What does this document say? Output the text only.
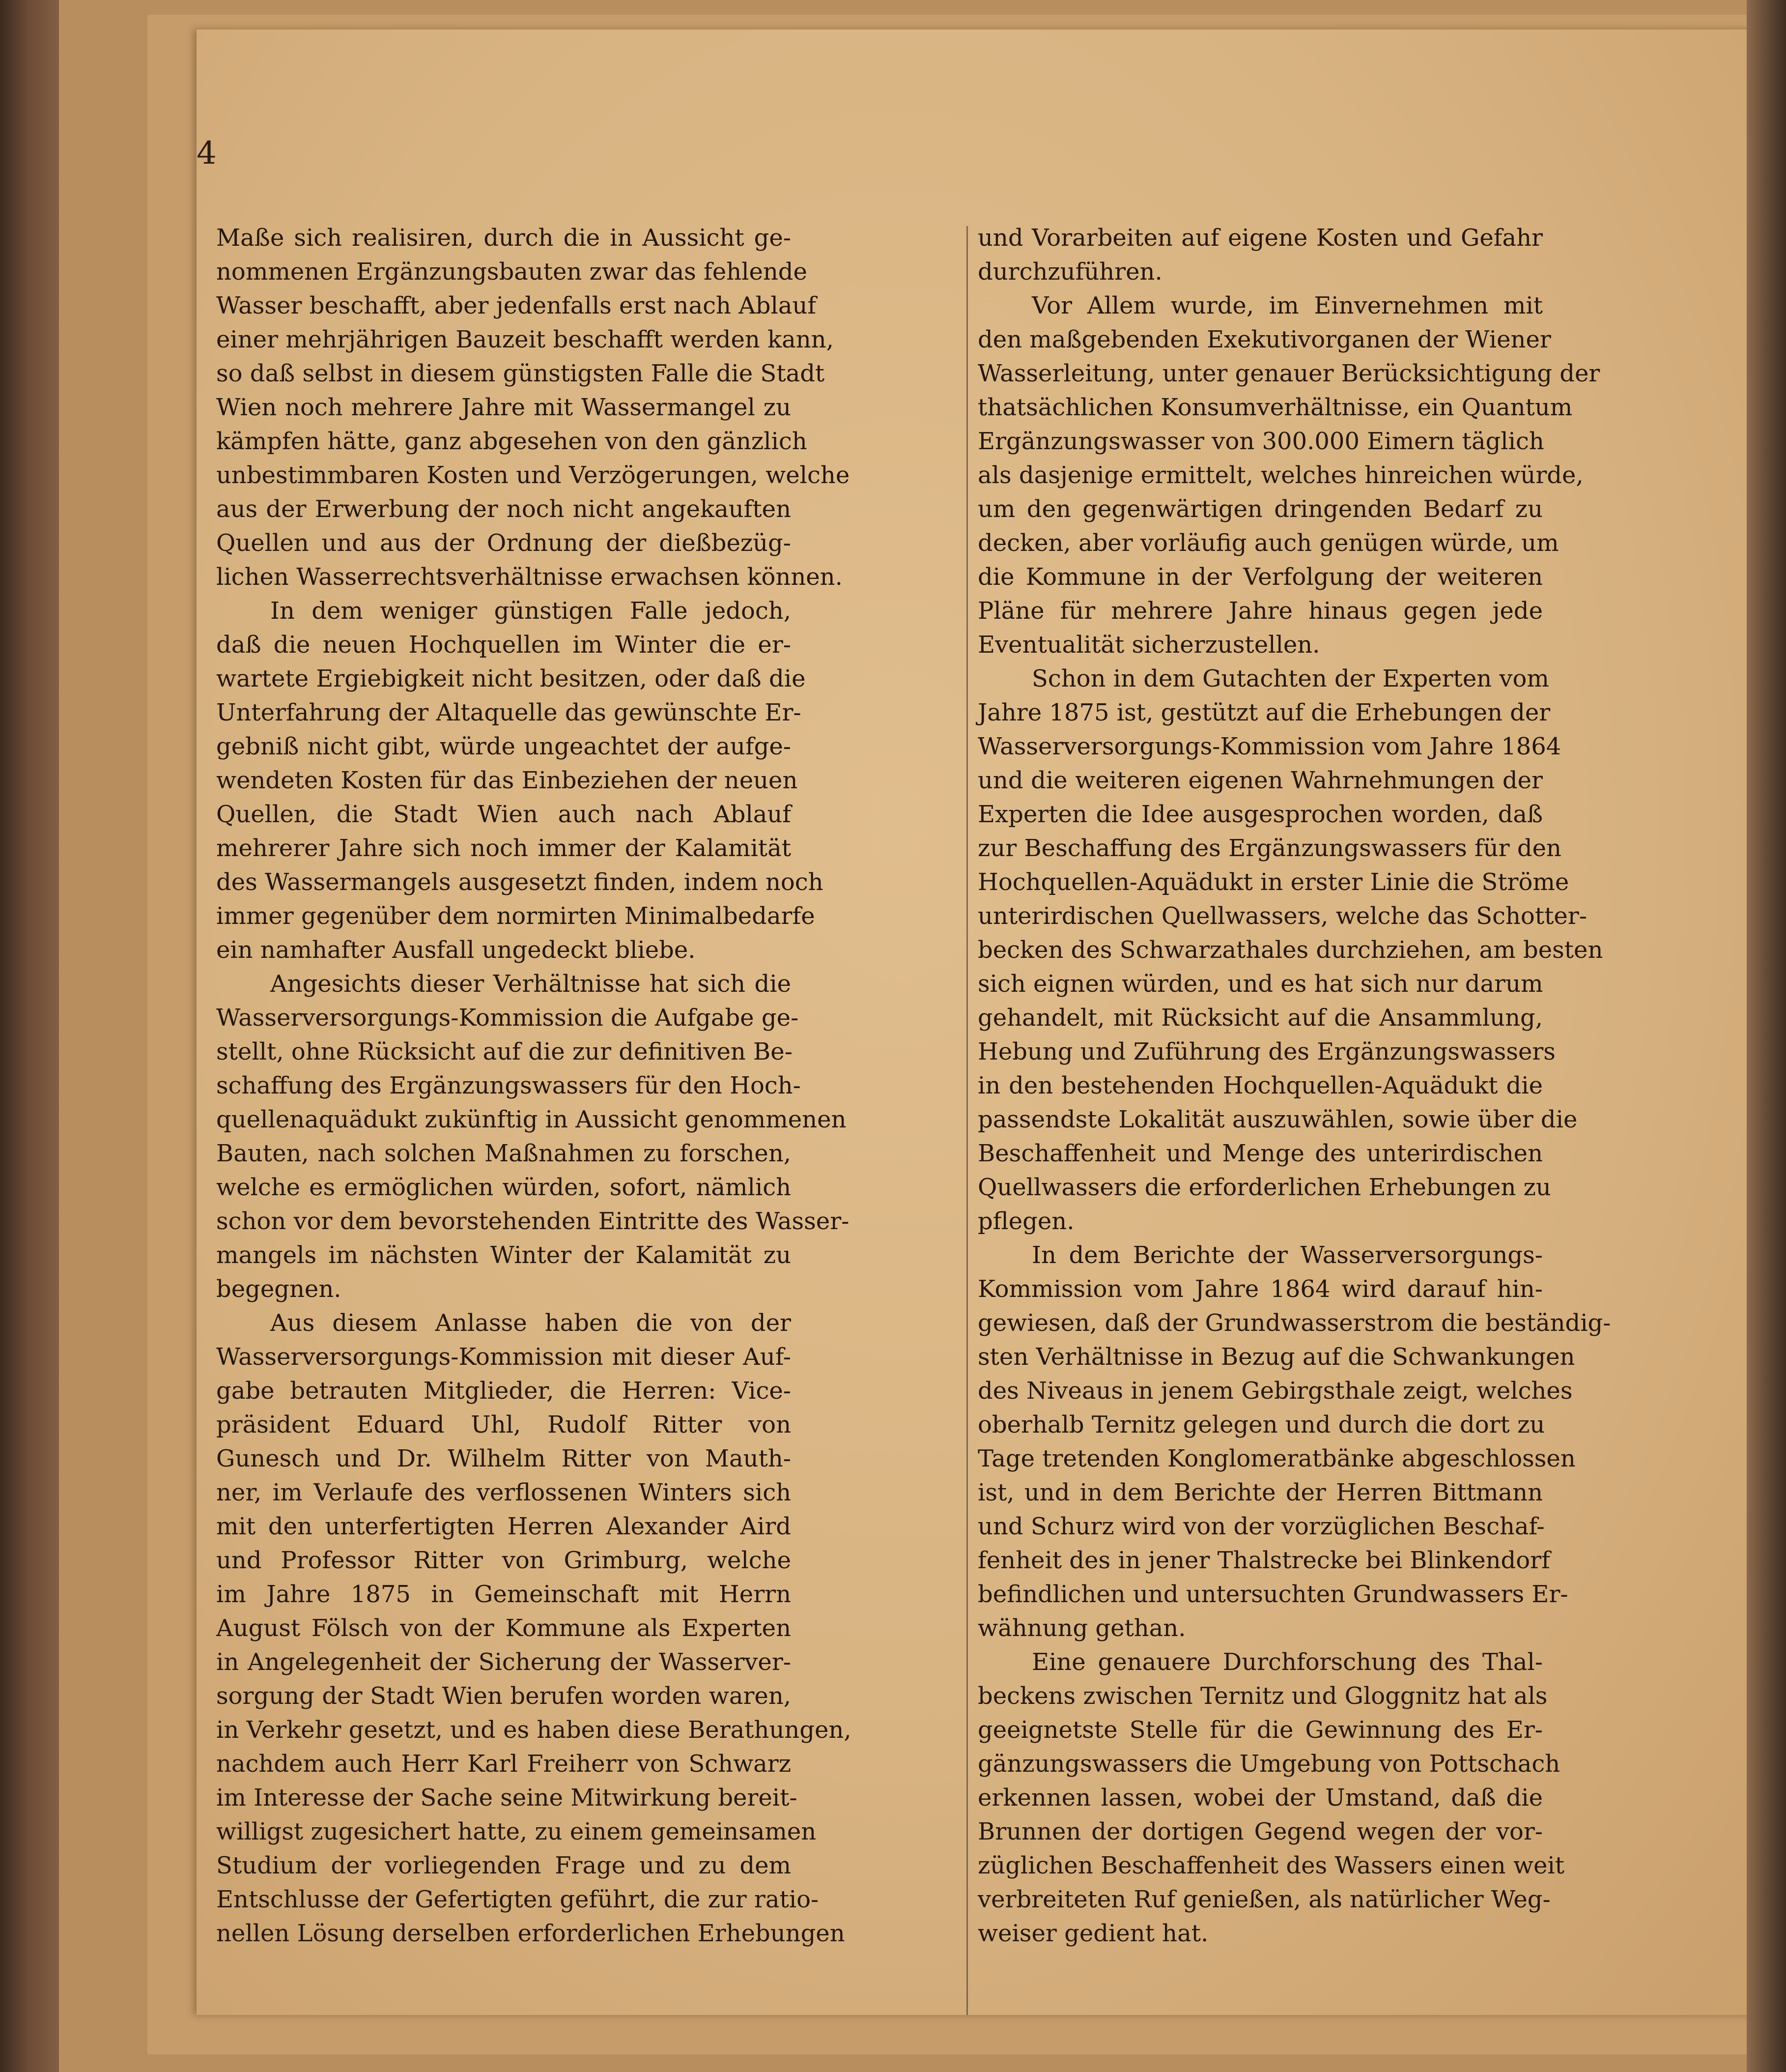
4
Maße sich realisiren, durch die in Aussicht ge-
nommenen Ergänzungsbauten zwar das fehlende
Wasser beschafft, aber jedenfalls erst nach Ablauf
einer mehrjährigen Bauzeit beschafft werden kann,
so daß selbst in diesem günstigsten Falle die Stadt
Wien noch mehrere Jahre mit Wassermangel zu
kämpfen hätte, ganz abgesehen von den gänzlich
unbestimmbaren Kosten und Verzögerungen, welche
aus der Erwerbung der noch nicht angekauften
Quellen und aus der Ordnung der dießbezüg-
lichen Wasserrechtsverhältnisse erwachsen können.
In dem weniger günstigen Falle jedoch,
daß die neuen Hochquellen im Winter die er-
wartete Ergiebigkeit nicht besitzen, oder daß die
Unterfahrung der Altaquelle das gewünschte Er-
gebniß nicht gibt, würde ungeachtet der aufge-
wendeten Kosten für das Einbeziehen der neuen
Quellen, die Stadt Wien auch nach Ablauf
mehrerer Jahre sich noch immer der Kalamität
des Wassermangels ausgesetzt finden, indem noch
immer gegenüber dem normirten Minimalbedarfe
ein namhafter Ausfall ungedeckt bliebe.
Angesichts dieser Verhältnisse hat sich die
Wasserversorgungs-Kommission die Aufgabe ge-
stellt, ohne Rücksicht auf die zur definitiven Be-
schaffung des Ergänzungswassers für den Hoch-
quellenaquädukt zukünftig in Aussicht genommenen
Bauten, nach solchen Maßnahmen zu forschen,
welche es ermöglichen würden, sofort, nämlich
schon vor dem bevorstehenden Eintritte des Wasser-
mangels im nächsten Winter der Kalamität zu
begegnen.
Aus diesem Anlasse haben die von der
Wasserversorgungs-Kommission mit dieser Auf-
gabe betrauten Mitglieder, die Herren: Vice-
präsident Eduard Uhl, Rudolf Ritter von
Gunesch und Dr. Wilhelm Ritter von Mauth-
ner, im Verlaufe des verflossenen Winters sich
mit den unterfertigten Herren Alexander Aird
und Professor Ritter von Grimburg, welche
im Jahre 1875 in Gemeinschaft mit Herrn
August Fölsch von der Kommune als Experten
in Angelegenheit der Sicherung der Wasserver-
sorgung der Stadt Wien berufen worden waren,
in Verkehr gesetzt, und es haben diese Berathungen,
nachdem auch Herr Karl Freiherr von Schwarz
im Interesse der Sache seine Mitwirkung bereit-
willigst zugesichert hatte, zu einem gemeinsamen
Studium der vorliegenden Frage und zu dem
Entschlusse der Gefertigten geführt, die zur ratio-
nellen Lösung derselben erforderlichen Erhebungen
und Vorarbeiten auf eigene Kosten und Gefahr
durchzuführen.
Vor Allem wurde, im Einvernehmen mit
den maßgebenden Exekutivorganen der Wiener
Wasserleitung, unter genauer Berücksichtigung der
thatsächlichen Konsumverhältnisse, ein Quantum
Ergänzungswasser von 300.000 Eimern täglich
als dasjenige ermittelt, welches hinreichen würde,
um den gegenwärtigen dringenden Bedarf zu
decken, aber vorläufig auch genügen würde, um
die Kommune in der Verfolgung der weiteren
Pläne für mehrere Jahre hinaus gegen jede
Eventualität sicherzustellen.
Schon in dem Gutachten der Experten vom
Jahre 1875 ist, gestützt auf die Erhebungen der
Wasserversorgungs-Kommission vom Jahre 1864
und die weiteren eigenen Wahrnehmungen der
Experten die Idee ausgesprochen worden, daß
zur Beschaffung des Ergänzungswassers für den
Hochquellen-Aquädukt in erster Linie die Ströme
unterirdischen Quellwassers, welche das Schotter-
becken des Schwarzathales durchziehen, am besten
sich eignen würden, und es hat sich nur darum
gehandelt, mit Rücksicht auf die Ansammlung,
Hebung und Zuführung des Ergänzungswassers
in den bestehenden Hochquellen-Aquädukt die
passendste Lokalität auszuwählen, sowie über die
Beschaffenheit und Menge des unterirdischen
Quellwassers die erforderlichen Erhebungen zu
pflegen.
In dem Berichte der Wasserversorgungs-
Kommission vom Jahre 1864 wird darauf hin-
gewiesen, daß der Grundwasserstrom die beständig-
sten Verhältnisse in Bezug auf die Schwankungen
des Niveaus in jenem Gebirgsthale zeigt, welches
oberhalb Ternitz gelegen und durch die dort zu
Tage tretenden Konglomeratbänke abgeschlossen
ist, und in dem Berichte der Herren Bittmann
und Schurz wird von der vorzüglichen Beschaf-
fenheit des in jener Thalstrecke bei Blinkendorf
befindlichen und untersuchten Grundwassers Er-
wähnung gethan.
Eine genauere Durchforschung des Thal-
beckens zwischen Ternitz und Gloggnitz hat als
geeignetste Stelle für die Gewinnung des Er-
gänzungswassers die Umgebung von Pottschach
erkennen lassen, wobei der Umstand, daß die
Brunnen der dortigen Gegend wegen der vor-
züglichen Beschaffenheit des Wassers einen weit
verbreiteten Ruf genießen, als natürlicher Weg-
weiser gedient hat.
